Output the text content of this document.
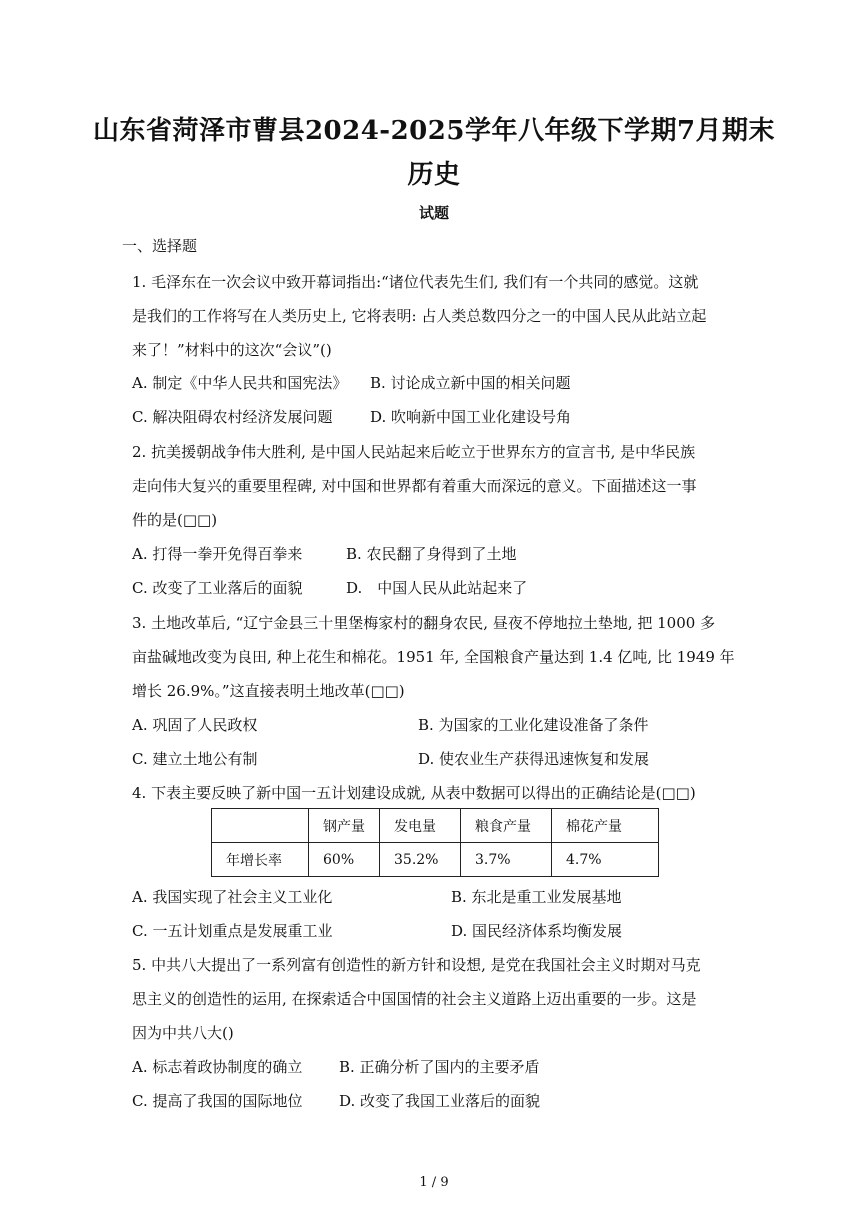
山东省菏泽市曹县2024-2025学年八年级下学期7月期末
历史
试题
一、选择题
1. 毛泽东在一次会议中致开幕词指出:“诸位代表先生们, 我们有一个共同的感觉。这就
是我们的工作将写在人类历史上, 它将表明: 占人类总数四分之一的中国人民从此站立起
来了！”材料中的这次“会议”()
A. 制定《中华人民共和国宪法》 B. 讨论成立新中国的相关问题
C. 解决阻碍农村经济发展问题	D. 吹响新中国工业化建设号角
2. 抗美援朝战争伟大胜利, 是中国人民站起来后屹立于世界东方的宣言书, 是中华民族
走向伟大复兴的重要里程碑, 对中国和世界都有着重大而深远的意义。下面描述这一事
件的是(□□)
A. 打得一拳开免得百拳来	B. 农民翻了身得到了土地
C. 改变了工业落后的面貌	D.　中国人民从此站起来了
3. 土地改革后, “辽宁金县三十里堡梅家村的翻身农民, 昼夜不停地拉土垫地, 把 1000 多
亩盐碱地改变为良田, 种上花生和棉花。1951 年, 全国粮食产量达到 1.4 亿吨, 比 1949 年
增长 26.9%。”这直接表明土地改革(□□)
A. 巩固了人民政权	B. 为国家的工业化建设准备了条件
C. 建立土地公有制	D. 使农业生产获得迅速恢复和发展
4. 下表主要反映了新中国一五计划建设成就, 从表中数据可以得出的正确结论是(□□)
	钢产量	发电量	粮食产量	棉花产量
年增长率	60%	35.2%	3.7%	4.7%
A. 我国实现了社会主义工业化	B. 东北是重工业发展基地
C. 一五计划重点是发展重工业	D. 国民经济体系均衡发展
5. 中共八大提出了一系列富有创造性的新方针和设想, 是党在我国社会主义时期对马克
思主义的创造性的运用, 在探索适合中国国情的社会主义道路上迈出重要的一步。这是
因为中共八大()
A. 标志着政协制度的确立 B. 正确分析了国内的主要矛盾
C. 提高了我国的国际地位 D. 改变了我国工业落后的面貌
1 / 9
